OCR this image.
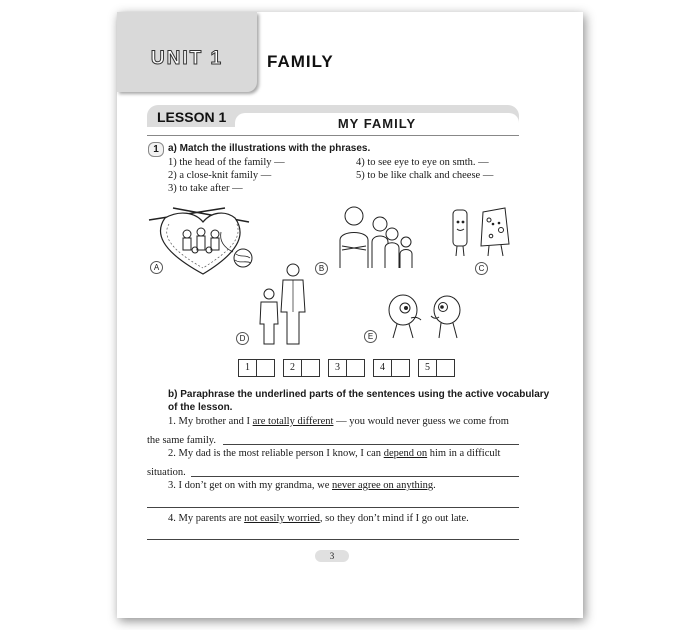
UNIT 1	FAMILY
LESSON 1	MY FAMILY
1 a) Match the illustrations with the phrases.
1) the head of the family —
2) a close-knit family —
3) to take after —
4) to see eye to eye on smth. —
5) to be like chalk and cheese —
A	B	C
D	E
1	2	3	4	5
b) Paraphrase the underlined parts of the sentences using the active vocabulary
of the lesson.
1. My brother and I are totally different — you would never guess we come from
the same family.
2. My dad is the most reliable person I know, I can depend on him in a difficult
situation.
3. I don’t get on with my grandma, we never agree on anything.
4. My parents are not easily worried, so they don’t mind if I go out late.
3
